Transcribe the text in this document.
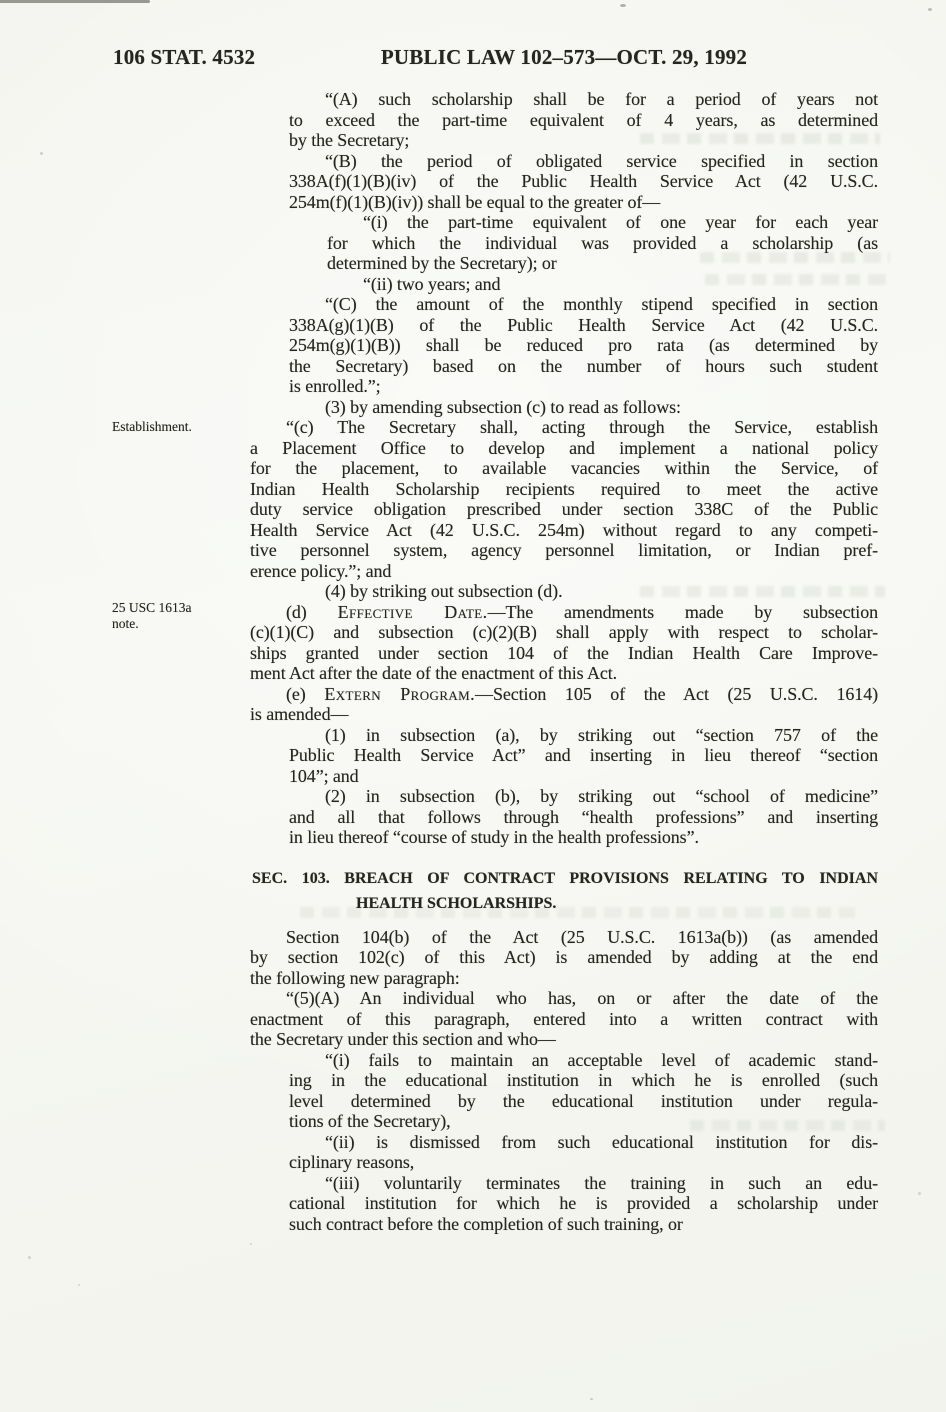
106 STAT. 4532	PUBLIC LAW 102–573—OCT. 29, 1992
Establishment.
25 USC 1613a note.
“(A) such scholarship shall be for a period of years not
to exceed the part-time equivalent of 4 years, as determined
by the Secretary;
“(B) the period of obligated service specified in section
338A(f)(1)(B)(iv) of the Public Health Service Act (42 U.S.C.
254m(f)(1)(B)(iv)) shall be equal to the greater of—
“(i) the part-time equivalent of one year for each year
for which the individual was provided a scholarship (as
determined by the Secretary); or
“(ii) two years; and
“(C) the amount of the monthly stipend specified in section
338A(g)(1)(B) of the Public Health Service Act (42 U.S.C.
254m(g)(1)(B)) shall be reduced pro rata (as determined by
the Secretary) based on the number of hours such student
is enrolled.”;
(3) by amending subsection (c) to read as follows:
“(c) The Secretary shall, acting through the Service, establish
a Placement Office to develop and implement a national policy
for the placement, to available vacancies within the Service, of
Indian Health Scholarship recipients required to meet the active
duty service obligation prescribed under section 338C of the Public
Health Service Act (42 U.S.C. 254m) without regard to any competi-
tive personnel system, agency personnel limitation, or Indian pref-
erence policy.”; and
(4) by striking out subsection (d).
(d) Effective Date.—The amendments made by subsection
(c)(1)(C) and subsection (c)(2)(B) shall apply with respect to scholar-
ships granted under section 104 of the Indian Health Care Improve-
ment Act after the date of the enactment of this Act.
(e) Extern Program.—Section 105 of the Act (25 U.S.C. 1614)
is amended—
(1) in subsection (a), by striking out “section 757 of the
Public Health Service Act” and inserting in lieu thereof “section
104”; and
(2) in subsection (b), by striking out “school of medicine”
and all that follows through “health professions” and inserting
in lieu thereof “course of study in the health professions”.
SEC. 103. BREACH OF CONTRACT PROVISIONS RELATING TO INDIAN
HEALTH SCHOLARSHIPS.
Section 104(b) of the Act (25 U.S.C. 1613a(b)) (as amended
by section 102(c) of this Act) is amended by adding at the end
the following new paragraph:
“(5)(A) An individual who has, on or after the date of the
enactment of this paragraph, entered into a written contract with
the Secretary under this section and who—
“(i) fails to maintain an acceptable level of academic stand-
ing in the educational institution in which he is enrolled (such
level determined by the educational institution under regula-
tions of the Secretary),
“(ii) is dismissed from such educational institution for dis-
ciplinary reasons,
“(iii) voluntarily terminates the training in such an edu-
cational institution for which he is provided a scholarship under
such contract before the completion of such training, or
